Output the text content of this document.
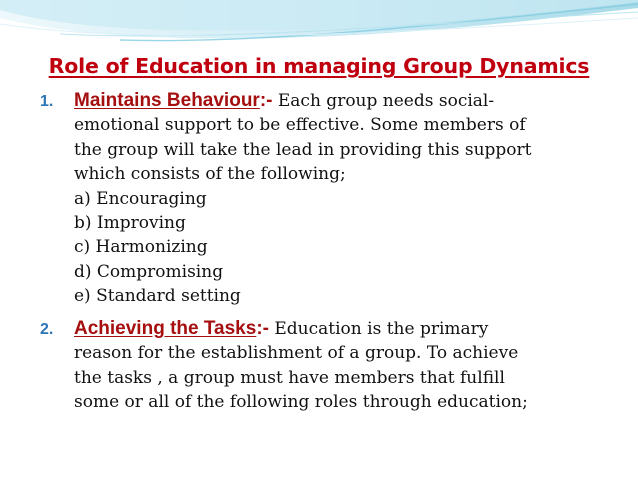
Role of Education in managing Group Dynamics
1. Maintains Behaviour:- Each group needs social-
emotional support to be effective. Some members of
the group will take the lead in providing this support
which consists of the following;
a) Encouraging
b) Improving
c) Harmonizing
d) Compromising
e) Standard setting
2. Achieving the Tasks:- Education is the primary
reason for the establishment of a group. To achieve
the tasks , a group must have members that fulfill
some or all of the following roles through education;
